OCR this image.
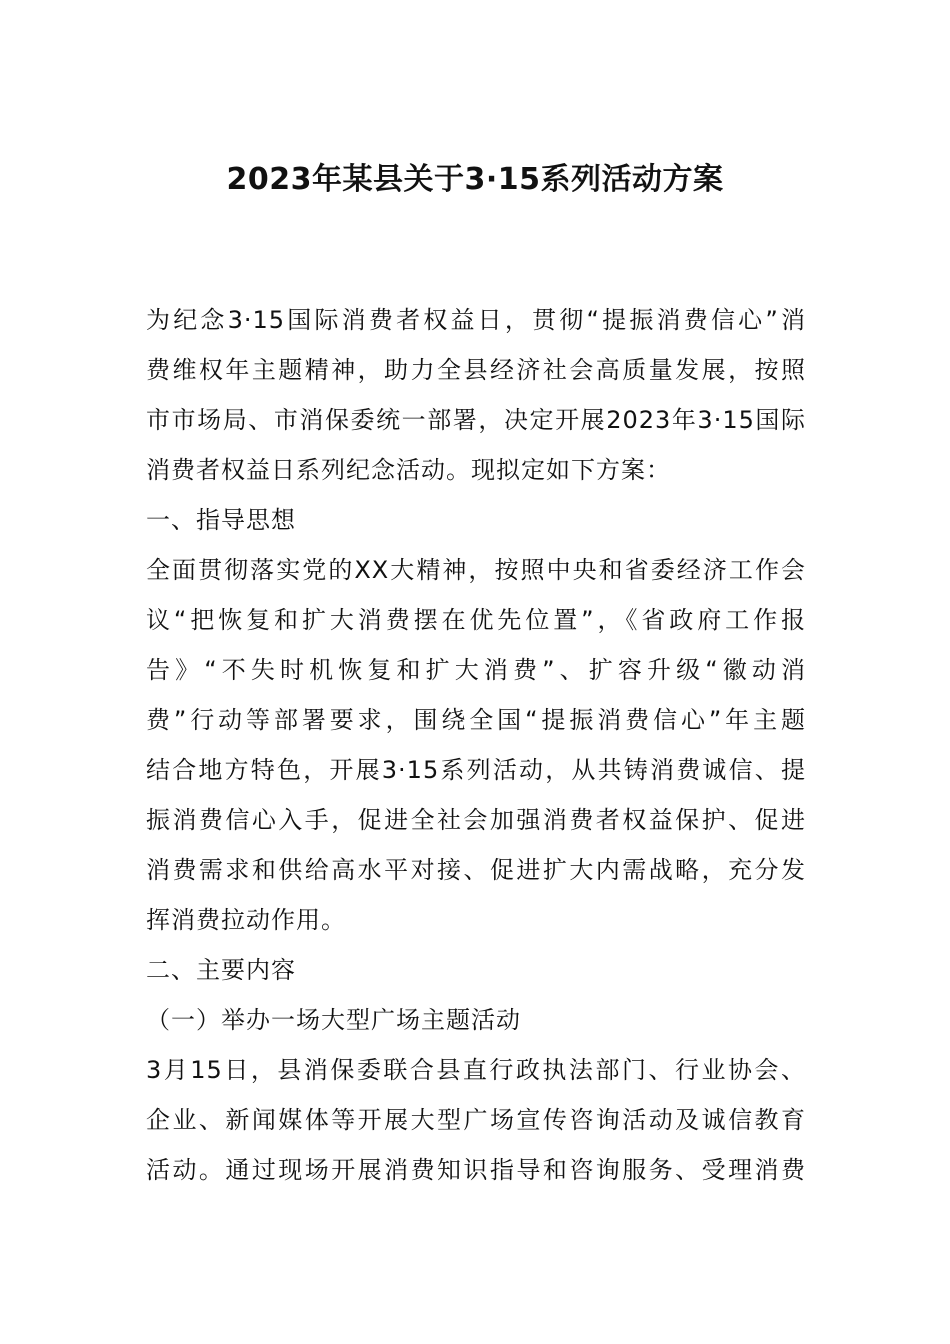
2023年某县关于3·15系列活动方案
为纪念3·15国际消费者权益日，贯彻“提振消费信心”消
费维权年主题精神，助力全县经济社会高质量发展，按照
市市场局、市消保委统一部署，决定开展2023年3·15国际
消费者权益日系列纪念活动。现拟定如下方案：
一、指导思想
全面贯彻落实党的XX大精神，按照中央和省委经济工作会
议“把恢复和扩大消费摆在优先位置”，《省政府工作报
告》“不失时机恢复和扩大消费”、扩容升级“徽动消
费”行动等部署要求，围绕全国“提振消费信心”年主题
结合地方特色，开展3·15系列活动，从共铸消费诚信、提
振消费信心入手，促进全社会加强消费者权益保护、促进
消费需求和供给高水平对接、促进扩大内需战略，充分发
挥消费拉动作用。
二、主要内容
（一）举办一场大型广场主题活动
3月15日，县消保委联合县直行政执法部门、行业协会、
企业、新闻媒体等开展大型广场宣传咨询活动及诚信教育
活动。通过现场开展消费知识指导和咨询服务、受理消费
